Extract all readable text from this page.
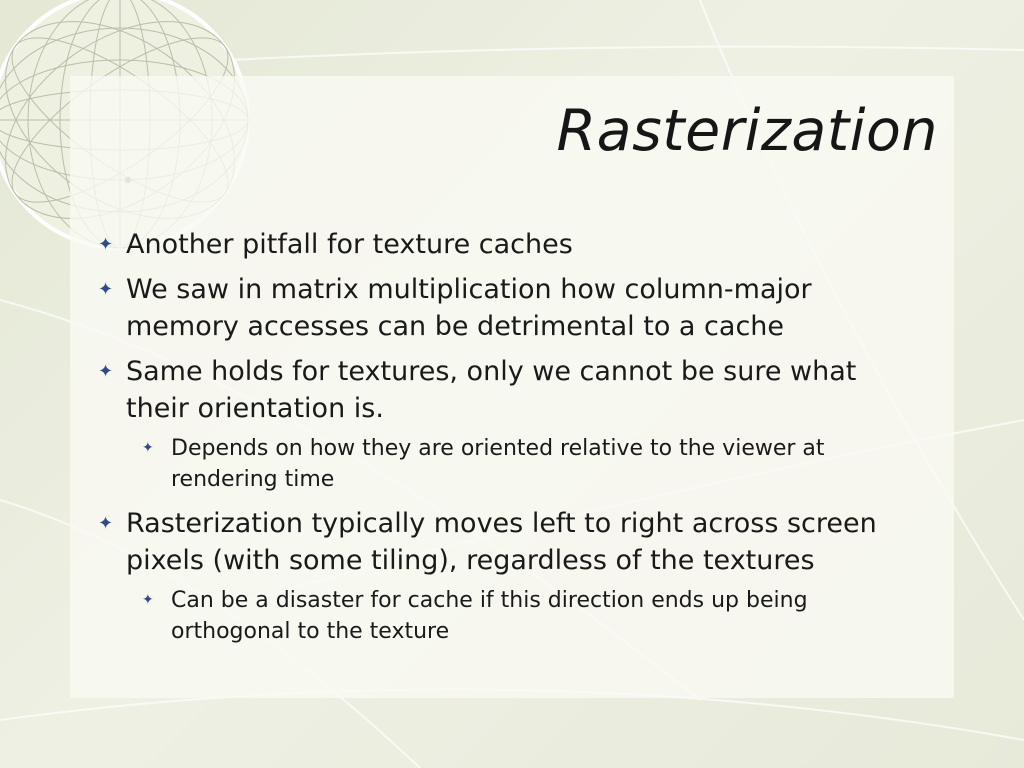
Rasterization
✦ Another pitfall for texture caches
✦ We saw in matrix multiplication how column-major memory accesses can be detrimental to a cache
✦ Same holds for textures, only we cannot be sure what their orientation is.
✦ Depends on how they are oriented relative to the viewer at rendering time
✦ Rasterization typically moves left to right across screen pixels (with some tiling), regardless of the textures
✦ Can be a disaster for cache if this direction ends up being orthogonal to the texture
